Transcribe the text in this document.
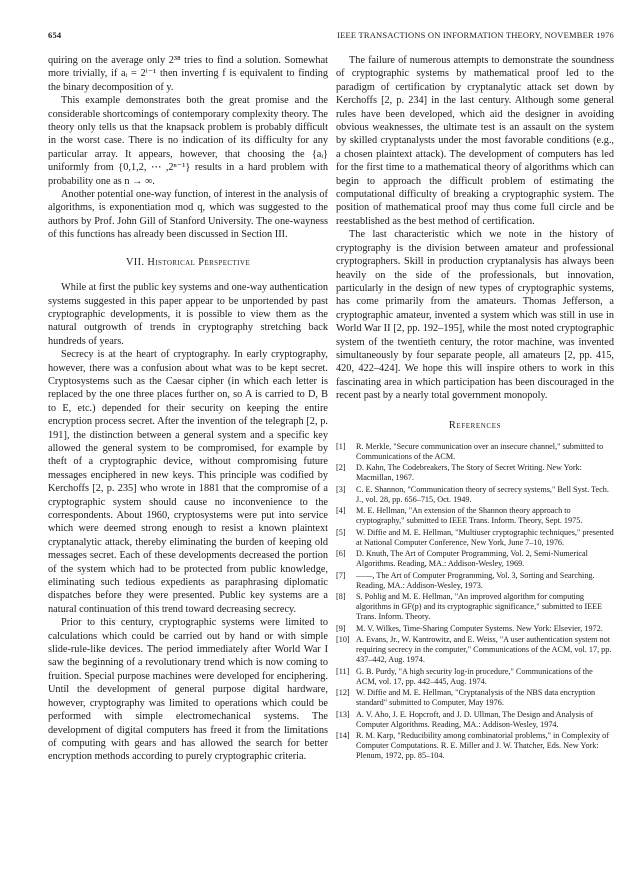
654	IEEE TRANSACTIONS ON INFORMATION THEORY, NOVEMBER 1976

quiring on the average only 2³⁸ tries to find a solution. Somewhat more trivially, if aᵢ = 2ⁱ⁻¹ then inverting f is equivalent to finding the binary decomposition of y.

This example demonstrates both the great promise and the considerable shortcomings of contemporary complexity theory. The theory only tells us that the knapsack problem is probably difficult in the worst case. There is no indication of its difficulty for any particular array. It appears, however, that choosing the {aᵢ} uniformly from {0,1,2, ⋯ ,2ⁿ⁻¹} results in a hard problem with probability one as n → ∞.

Another potential one-way function, of interest in the analysis of algorithms, is exponentiation mod q, which was suggested to the authors by Prof. John Gill of Stanford University. The one-wayness of this functions has already been discussed in Section III.

VII. Historical Perspective

While at first the public key systems and one-way authentication systems suggested in this paper appear to be unportended by past cryptographic developments, it is possible to view them as the natural outgrowth of trends in cryptography stretching back hundreds of years.

Secrecy is at the heart of cryptography. In early cryptography, however, there was a confusion about what was to be kept secret. Cryptosystems such as the Caesar cipher (in which each letter is replaced by the one three places further on, so A is carried to D, B to E, etc.) depended for their security on keeping the entire encryption process secret. After the invention of the telegraph [2, p. 191], the distinction between a general system and a specific key allowed the general system to be compromised, for example by theft of a cryptographic device, without compromising future messages enciphered in new keys. This principle was codified by Kerchoffs [2, p. 235] who wrote in 1881 that the compromise of a cryptographic system should cause no inconvenience to the correspondents. About 1960, cryptosystems were put into service which were deemed strong enough to resist a known plaintext cryptanalytic attack, thereby eliminating the burden of keeping old messages secret. Each of these developments decreased the portion of the system which had to be protected from public knowledge, eliminating such tedious expedients as paraphrasing diplomatic dispatches before they were presented. Public key systems are a natural continuation of this trend toward decreasing secrecy.

Prior to this century, cryptographic systems were limited to calculations which could be carried out by hand or with simple slide-rule-like devices. The period immediately after World War I saw the beginning of a revolutionary trend which is now coming to fruition. Special purpose machines were developed for enciphering. Until the development of general purpose digital hardware, however, cryptography was limited to operations which could be performed with simple electromechanical systems. The development of digital computers has freed it from the limitations of computing with gears and has allowed the search for better encryption methods according to purely cryptographic criteria.

The failure of numerous attempts to demonstrate the soundness of cryptographic systems by mathematical proof led to the paradigm of certification by cryptanalytic attack set down by Kerchoffs [2, p. 234] in the last century. Although some general rules have been developed, which aid the designer in avoiding obvious weaknesses, the ultimate test is an assault on the system by skilled cryptanalysts under the most favorable conditions (e.g., a chosen plaintext attack). The development of computers has led for the first time to a mathematical theory of algorithms which can begin to approach the difficult problem of estimating the computational difficulty of breaking a cryptographic system. The position of mathematical proof may thus come full circle and be reestablished as the best method of certification.

The last characteristic which we note in the history of cryptography is the division between amateur and professional cryptographers. Skill in production cryptanalysis has always been heavily on the side of the professionals, but innovation, particularly in the design of new types of cryptographic systems, has come primarily from the amateurs. Thomas Jefferson, a cryptographic amateur, invented a system which was still in use in World War II [2, pp. 192–195], while the most noted cryptographic system of the twentieth century, the rotor machine, was invented simultaneously by four separate people, all amateurs [2, pp. 415, 420, 422–424]. We hope this will inspire others to work in this fascinating area in which participation has been discouraged in the recent past by a nearly total government monopoly.

References
[1] R. Merkle, "Secure communication over an insecure channel," submitted to Communications of the ACM.
[2] D. Kahn, The Codebreakers, The Story of Secret Writing. New York: Macmillan, 1967.
[3] C. E. Shannon, "Communication theory of secrecy systems," Bell Syst. Tech. J., vol. 28, pp. 656–715, Oct. 1949.
[4] M. E. Hellman, "An extension of the Shannon theory approach to cryptography," submitted to IEEE Trans. Inform. Theory, Sept. 1975.
[5] W. Diffie and M. E. Hellman, "Multiuser cryptographic techniques," presented at National Computer Conference, New York, June 7–10, 1976.
[6] D. Knuth, The Art of Computer Programming, Vol. 2, Semi-Numerical Algorithms. Reading, MA.: Addison-Wesley, 1969.
[7] ——, The Art of Computer Programming, Vol. 3, Sorting and Searching. Reading, MA.: Addison-Wesley, 1973.
[8] S. Pohlig and M. E. Hellman, "An improved algorithm for computing algorithms in GF(p) and its cryptographic significance," submitted to IEEE Trans. Inform. Theory.
[9] M. V. Wilkes, Time-Sharing Computer Systems. New York: Elsevier, 1972.
[10] A. Evans, Jr., W. Kantrowitz, and E. Weiss, "A user authentication system not requiring secrecy in the computer," Communications of the ACM, vol. 17, pp. 437–442, Aug. 1974.
[11] G. B. Purdy, "A high security log-in procedure," Communications of the ACM, vol. 17, pp. 442–445, Aug. 1974.
[12] W. Diffie and M. E. Hellman, "Cryptanalysis of the NBS data encryption standard" submitted to Computer, May 1976.
[13] A. V. Aho, J. E. Hopcroft, and J. D. Ullman, The Design and Analysis of Computer Algorithms. Reading, MA.: Addison-Wesley, 1974.
[14] R. M. Karp, "Reducibility among combinatorial problems," in Complexity of Computer Computations. R. E. Miller and J. W. Thatcher, Eds. New York: Plenum, 1972, pp. 85–104.
